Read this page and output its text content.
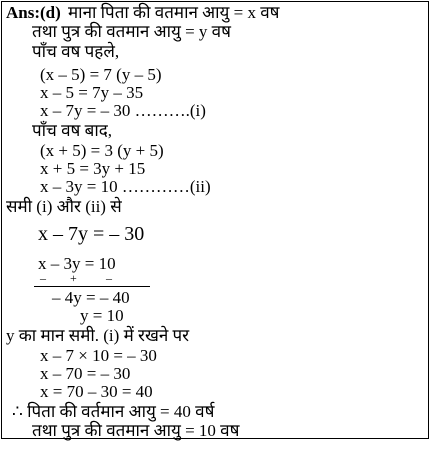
Ans:(d) माना पिता की वतमान आयु = x वष
तथा पुत्र की वतमान आयु = y वष
पाँच वष पहले,
(x – 5) = 7 (y – 5)
x – 5 = 7y – 35
x – 7y = – 30 ……….(i)
पाँच वष बाद,
(x + 5) = 3 (y + 5)
x + 5 = 3y + 15
x – 3y = 10 …………(ii)
समी (i) और (ii) से
x – 7y = – 30
x – 3y = 10
– + –
– 4y = – 40
y = 10
y का मान समी. (i) में रखने पर
x – 7 × 10 = – 30
x – 70 = – 30
x = 70 – 30 = 40
∴ पिता की वर्तमान आयु = 40 वर्ष
तथा पुत्र की वतमान आयु = 10 वष
